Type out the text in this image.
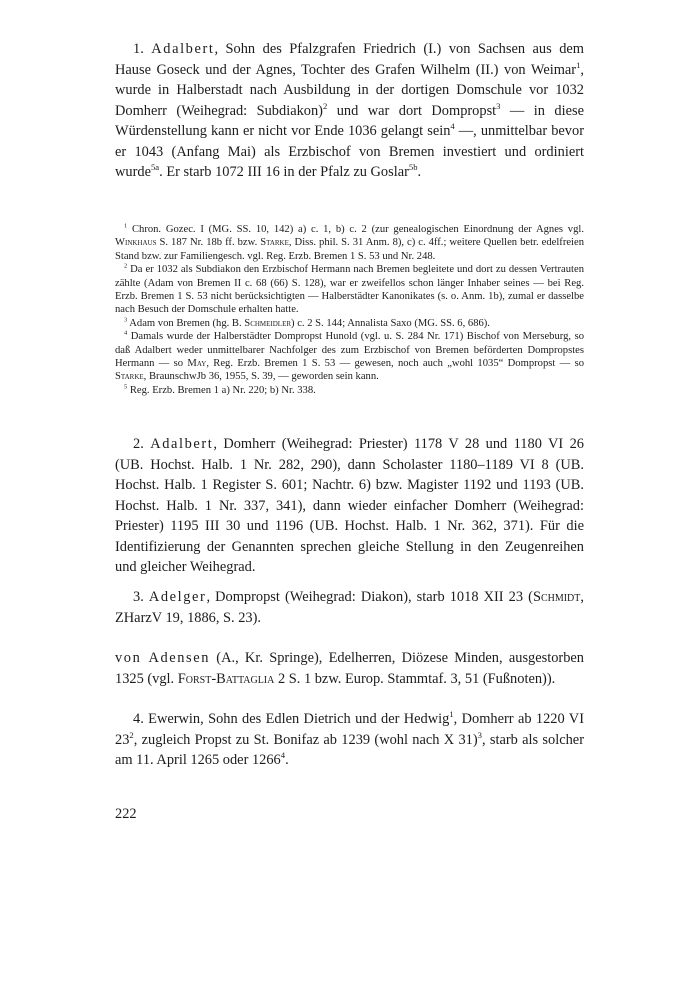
1. Adalbert, Sohn des Pfalzgrafen Friedrich (I.) von Sachsen aus dem Hause Goseck und der Agnes, Tochter des Grafen Wilhelm (II.) von Weimar$^1$, wurde in Halberstadt nach Ausbildung in der dortigen Domschule vor 1032 Domherr (Weihegrad: Subdiakon)$^2$ und war dort Dompropst$^3$ — in diese Würdenstellung kann er nicht vor Ende 1036 gelangt sein$^4$ —, unmittelbar bevor er 1043 (Anfang Mai) als Erzbischof von Bremen investiert und ordiniert wurde$^{5a}$. Er starb 1072 III 16 in der Pfalz zu Goslar$^{5b}$.

$^1$ Chron. Gozec. I (MG. SS. 10, 142) a) c. 1, b) c. 2 (zur genealogischen Einordnung der Agnes vgl. Winkhaus S. 187 Nr. 18b ff. bzw. Starke, Diss. phil. S. 31 Anm. 8), c) c. 4ff.; weitere Quellen betr. edelfreien Stand bzw. zur Familiengesch. vgl. Reg. Erzb. Bremen 1 S. 53 und Nr. 248.

$^2$ Da er 1032 als Subdiakon den Erzbischof Hermann nach Bremen begleitete und dort zu dessen Vertrauten zählte (Adam von Bremen II c. 68 (66) S. 128), war er zweifellos schon länger Inhaber seines — bei Reg. Erzb. Bremen 1 S. 53 nicht berücksichtigten — Halberstädter Kanonikates (s. o. Anm. 1b), zumal er dasselbe nach Besuch der Domschule erhalten hatte.

$^3$ Adam von Bremen (hg. B. Schmeidler) c. 2 S. 144; Annalista Saxo (MG. SS. 6, 686).

$^4$ Damals wurde der Halberstädter Dompropst Hunold (vgl. u. S. 284 Nr. 171) Bischof von Merseburg, so daß Adalbert weder unmittelbarer Nachfolger des zum Erzbischof von Bremen beförderten Dompropstes Hermann — so May, Reg. Erzb. Bremen 1 S. 53 — gewesen, noch auch „wohl 1035“ Dompropst — so Starke, BraunschwJb 36, 1955, S. 39, — geworden sein kann.

$^5$ Reg. Erzb. Bremen 1 a) Nr. 220; b) Nr. 338.

2. Adalbert, Domherr (Weihegrad: Priester) 1178 V 28 und 1180 VI 26 (UB. Hochst. Halb. 1 Nr. 282, 290), dann Scholaster 1180–1189 VI 8 (UB. Hochst. Halb. 1 Register S. 601; Nachtr. 6) bzw. Magister 1192 und 1193 (UB. Hochst. Halb. 1 Nr. 337, 341), dann wieder einfacher Domherr (Weihegrad: Priester) 1195 III 30 und 1196 (UB. Hochst. Halb. 1 Nr. 362, 371). Für die Identifizierung der Genannten sprechen gleiche Stellung in den Zeugenreihen und gleicher Weihegrad.

3. Adelger, Dompropst (Weihegrad: Diakon), starb 1018 XII 23 (Schmidt, ZHarzV 19, 1886, S. 23).

von Adensen (A., Kr. Springe), Edelherren, Diözese Minden, ausgestorben 1325 (vgl. Forst-Battaglia 2 S. 1 bzw. Europ. Stammtaf. 3, 51 (Fußnoten)).

4. Ewerwin, Sohn des Edlen Dietrich und der Hedwig$^1$, Domherr ab 1220 VI $23^2$, zugleich Propst zu St. Bonifaz ab 1239 (wohl nach X 31)$^3$, starb als solcher am 11. April 1265 oder 1266$^4$.

222
